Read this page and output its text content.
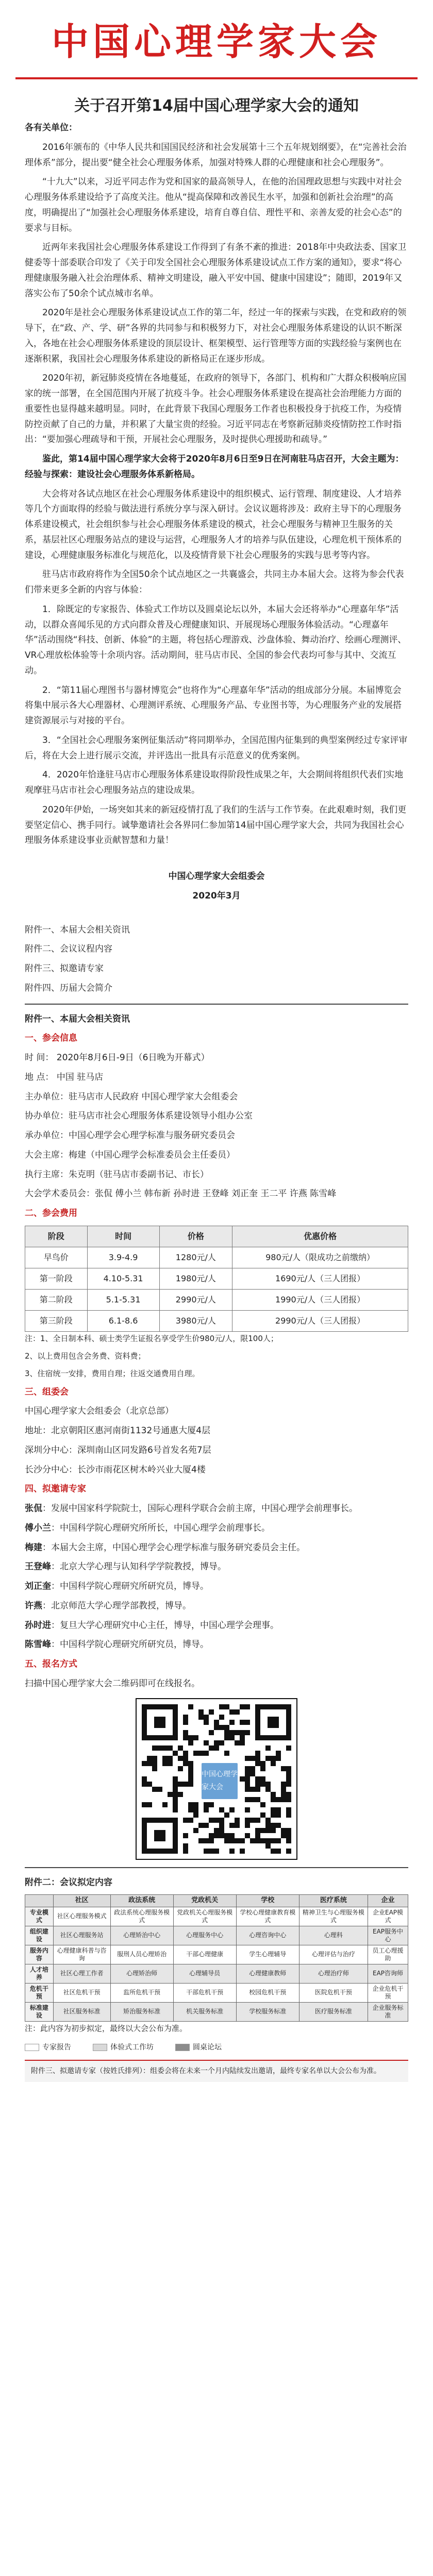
中国心理学家大会
关于召开第14届中国心理学家大会的通知

各有关单位：

2016年颁布的《中华人民共和国国民经济和社会发展第十三个五年规划纲要》，在“完善社会治理体系”部分，提出要“健全社会心理服务体系，加强对特殊人群的心理健康和社会心理服务”。

“十九大”以来，习近平同志作为党和国家的最高领导人，在他的治国理政思想与实践中对社会心理服务体系建设给予了高度关注。他从“提高保障和改善民生水平，加强和创新社会治理”的高度，明确提出了“加强社会心理服务体系建设，培育自尊自信、理性平和、亲善友爱的社会心态”的要求与目标。

近两年来我国社会心理服务体系建设工作得到了有条不紊的推进：2018年中央政法委、国家卫健委等十部委联合印发了《关于印发全国社会心理服务体系建设试点工作方案的通知》，要求“将心理健康服务融入社会治理体系、精神文明建设，融入平安中国、健康中国建设”；随即，2019年又落实公布了50余个试点城市名单。

2020年是社会心理服务体系建设试点工作的第二年，经过一年的探索与实践，在党和政府的领导下，在“政、产、学、研”各界的共同参与和积极努力下，对社会心理服务体系建设的认识不断深入，各地在社会心理服务体系建设的顶层设计、框架模型、运行管理等方面的实践经验与案例也在逐渐积累，我国社会心理服务体系建设的新格局正在逐步形成。

2020年初，新冠肺炎疫情在各地蔓延，在政府的领导下，各部门、机构和广大群众积极响应国家的统一部署，在全国范围内开展了抗疫斗争。社会心理服务体系建设在提高社会治理能力方面的重要性也显得越来越明显。同时，在此背景下我国心理服务工作者也积极投身于抗疫工作，为疫情防控贡献了自己的力量，并积累了大量宝贵的经验。习近平同志在考察新冠肺炎疫情防控工作时指出：“要加强心理疏导和干预，开展社会心理服务，及时提供心理援助和疏导。”

鉴此，第14届中国心理学家大会将于2020年8月6日至9日在河南驻马店召开，大会主题为：经验与探索：建设社会心理服务体系新格局。

大会将对各试点地区在社会心理服务体系建设中的组织模式、运行管理、制度建设、人才培养等几个方面取得的经验与做法进行系统分享与深入研讨。会议议题将涉及：政府主导下的心理服务体系建设模式，社会组织参与社会心理服务体系建设的模式，社会心理服务与精神卫生服务的关系，基层社区心理服务站点的建设与运营，心理服务人才的培养与队伍建设，心理危机干预体系的建设，心理健康服务标准化与规范化，以及疫情背景下社会心理服务的实践与思考等内容。

驻马店市政府将作为全国50余个试点地区之一共襄盛会，共同主办本届大会。这将为参会代表们带来更多全新的内容与体验：

1．除既定的专家报告、体验式工作坊以及圆桌论坛以外，本届大会还将举办“心理嘉年华”活动，以群众喜闻乐见的方式向群众普及心理健康知识、开展现场心理服务体验活动。“心理嘉年华”活动围绕“科技、创新、体验”的主题，将包括心理游戏、沙盘体验、舞动治疗、绘画心理测评、VR心理放松体验等十余项内容。活动期间，驻马店市民、全国的参会代表均可参与其中、交流互动。

2．“第11届心理图书与器材博览会”也将作为“心理嘉年华”活动的组成部分分展。本届博览会将集中展示各大心理器材、心理测评系统、心理服务产品、专业图书等，为心理服务产业的发展搭建资源展示与对接的平台。

3．“全国社会心理服务案例征集活动”将同期举办，全国范围内征集到的典型案例经过专家评审后，将在大会上进行展示交流，并评选出一批具有示范意义的优秀案例。

4．2020年恰逢驻马店市心理服务体系建设取得阶段性成果之年，大会期间将组织代表们实地观摩驻马店市社会心理服务站点的建设成果。

2020年伊始，一场突如其来的新冠疫情打乱了我们的生活与工作节奏。在此艰难时刻，我们更要坚定信心、携手同行。诚挚邀请社会各界同仁参加第14届中国心理学家大会，共同为我国社会心理服务体系建设事业贡献智慧和力量！

中国心理学家大会组委会

2020年3月

附件一、本届大会相关资讯

附件二、会议议程内容

附件三、拟邀请专家

附件四、历届大会简介

附件一、本届大会相关资讯

一、参会信息

时 间： 2020年8月6日-9日（6日晚为开幕式）

地 点： 中国 驻马店

主办单位：驻马店市人民政府 中国心理学家大会组委会

协办单位：驻马店市社会心理服务体系建设领导小组办公室

承办单位：中国心理学会心理学标准与服务研究委员会

大会主席：梅建（中国心理学会标准委员会主任委员）

执行主席：朱克明（驻马店市委副书记、市长）

大会学术委员会：张侃 傅小兰 韩布新 孙时进 王登峰 刘正奎 王二平 许燕 陈雪峰

二、参会费用

阶段	时间	价格	优惠价格
早鸟价	3.9-4.9	1280元/人	980元/人（限成功之前缴纳）
第一阶段	4.10-5.31	1980元/人	1690元/人（三人团报）
第二阶段	5.1-5.31	2990元/人	1990元/人（三人团报）
第三阶段	6.1-8.6	3980元/人	2990元/人（三人团报）

注：1、全日制本科、硕士类学生证报名享受学生价980元/人，限100人；

2、以上费用包含会务费、资料费；

3、住宿统一安排，费用自理；往返交通费用自理。

三、组委会

中国心理学家大会组委会（北京总部）

地址：北京朝阳区惠河南街1132号通惠大厦4层

深圳分中心：深圳南山区同发路6号首发名苑7层

长沙分中心：长沙市雨花区树木岭兴业大厦4楼

四、拟邀请专家

张侃：发展中国家科学院院士，国际心理科学联合会前主席，中国心理学会前理事长。

傅小兰：中国科学院心理研究所所长，中国心理学会前理事长。

梅建：本届大会主席，中国心理学会心理学标准与服务研究委员会主任。

王登峰：北京大学心理与认知科学学院教授，博导。

刘正奎：中国科学院心理研究所研究员，博导。

许燕：北京师范大学心理学部教授，博导。

孙时进：复旦大学心理研究中心主任，博导，中国心理学会理事。

陈雪峰：中国科学院心理研究所研究员，博导。

五、报名方式

扫描中国心理学家大会二维码即可在线报名。

中国心理学家大会

附件二：会议拟定内容

	社区	政法系统	党政机关	学校	医疗系统	企业
专业模式	社区心理服务模式	政法系统心理服务模式	党政机关心理服务模式	学校心理健康教育模式	精神卫生与心理服务模式	企业EAP模式
组织建设	社区心理服务站	心理矫治中心	心理服务中心	心理咨询中心	心理科	EAP服务中心
服务内容	心理健康科普与咨询	服刑人员心理矫治	干部心理健康	学生心理辅导	心理评估与治疗	员工心理援助
人才培养	社区心理工作者	心理矫治师	心理辅导员	心理健康教师	心理治疗师	EAP咨询师
危机干预	社区危机干预	监所危机干预	干部危机干预	校园危机干预	医院危机干预	企业危机干预
标准建设	社区服务标准	矫治服务标准	机关服务标准	学校服务标准	医疗服务标准	企业服务标准

注：此内容为初步拟定，最终以大会公布为准。

专家报告	体验式工作坊	圆桌论坛
附件三、拟邀请专家（按姓氏排列）：组委会将在未来一个月内陆续发出邀请，最终专家名单以大会公布为准。
